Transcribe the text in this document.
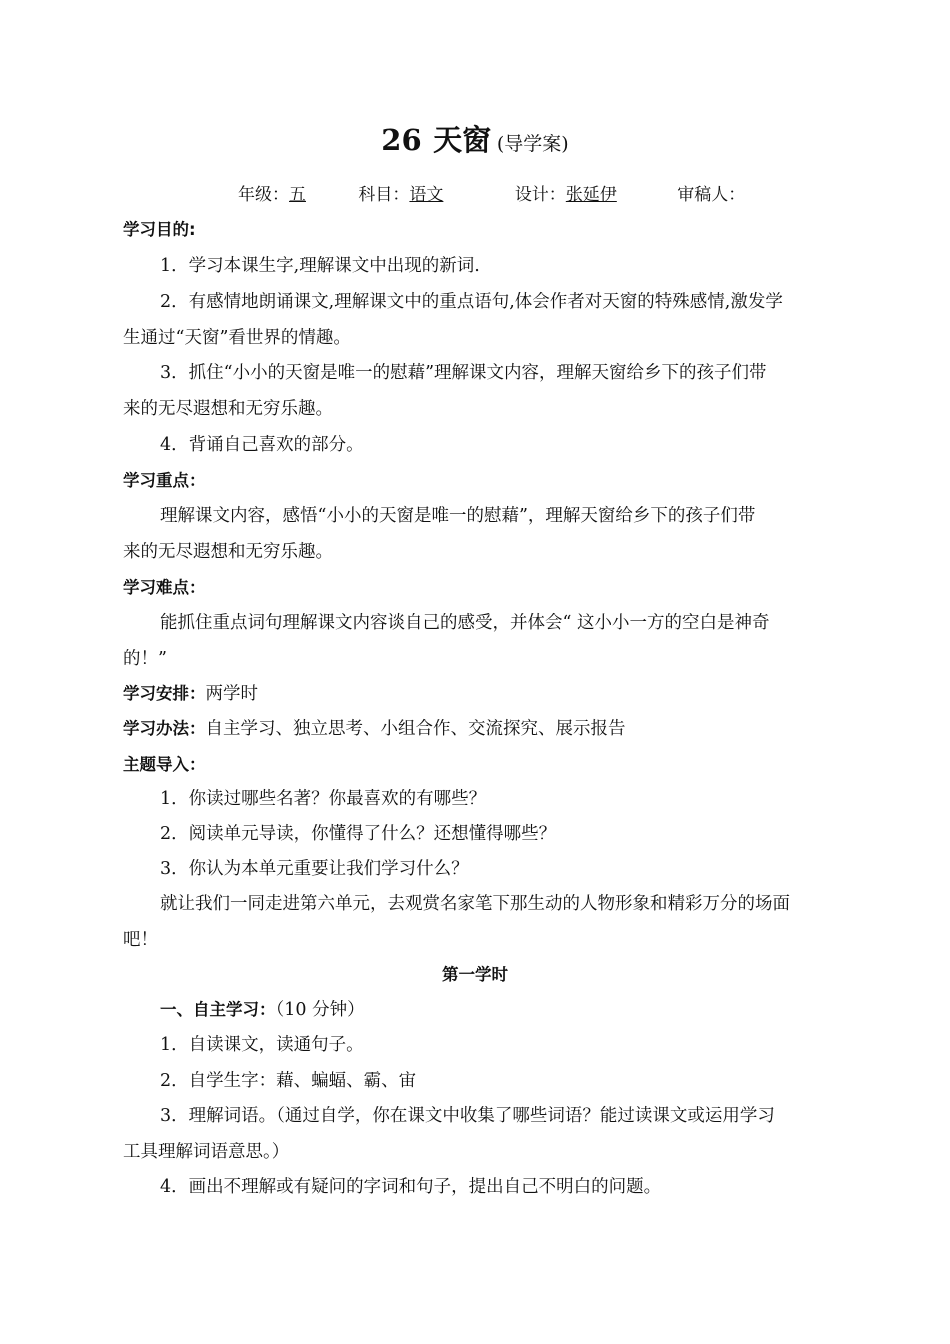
26 天窗 (导学案)
年级：五	科目：语文	设计：张延伊	审稿人：
学习目的:
1．学习本课生字,理解课文中出现的新词.
2．有感情地朗诵课文,理解课文中的重点语句,体会作者对天窗的特殊感情,激发学
生通过“天窗”看世界的情趣。
3．抓住“小小的天窗是唯一的慰藉”理解课文内容，理解天窗给乡下的孩子们带
来的无尽遐想和无穷乐趣。
4．背诵自己喜欢的部分。
学习重点：
理解课文内容，感悟“小小的天窗是唯一的慰藉”，理解天窗给乡下的孩子们带
来的无尽遐想和无穷乐趣。
学习难点：
能抓住重点词句理解课文内容谈自己的感受，并体会“ 这小小一方的空白是神奇
的！”
学习安排：两学时
学习办法：自主学习、独立思考、小组合作、交流探究、展示报告
主题导入：
1．你读过哪些名著？你最喜欢的有哪些？
2．阅读单元导读，你懂得了什么？还想懂得哪些？
3．你认为本单元重要让我们学习什么？
就让我们一同走进第六单元，去观赏名家笔下那生动的人物形象和精彩万分的场面
吧！
第一学时
一、自主学习：（10 分钟）
1．自读课文，读通句子。
2．自学生字：藉、蝙蝠、霸、宙
3．理解词语。（通过自学，你在课文中收集了哪些词语？能过读课文或运用学习
工具理解词语意思。）
4．画出不理解或有疑问的字词和句子，提出自己不明白的问题。
